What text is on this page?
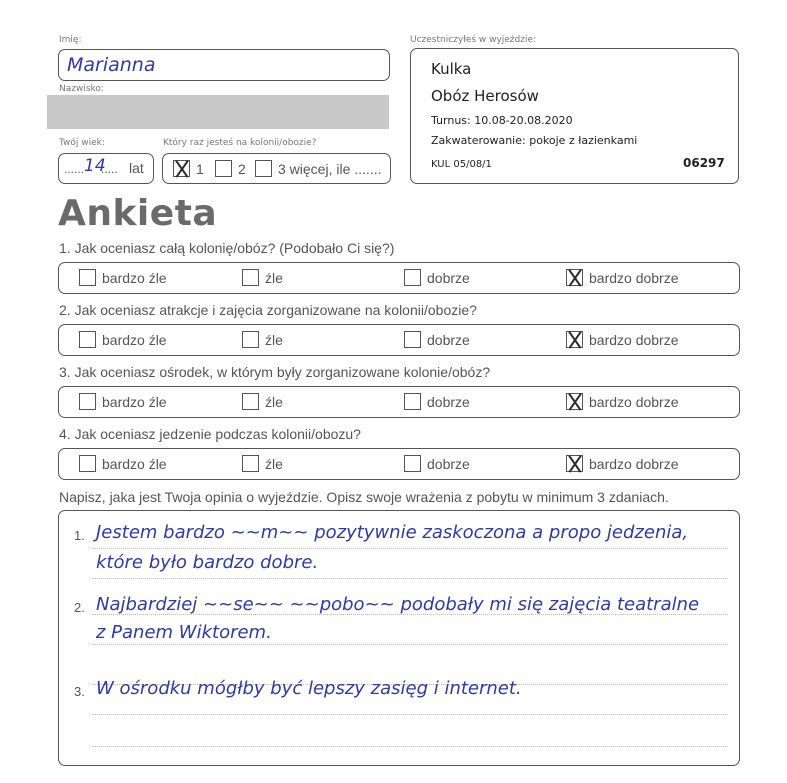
Imię:
Marianna
Nazwisko:
Twój wiek:	Który raz jesteś na kolonii/obozie?
...... 14
..... lat	1 2 3 więcej, ile .......
Uczestniczyłeś w wyjeździe:
Kulka
Obóz Herosów
Turnus: 10.08-20.08.2020
Zakwaterowanie: pokoje z łazienkami
KUL 05/08/1	06297
Ankieta
1. Jak oceniasz całą kolonię/obóz? (Podobało Ci się?)
bardzo źle	źle	dobrze	bardzo dobrze
2. Jak oceniasz atrakcje i zajęcia zorganizowane na kolonii/obozie?
bardzo źle	źle	dobrze	bardzo dobrze
3. Jak oceniasz ośrodek, w którym były zorganizowane kolonie/obóz?
bardzo źle	źle	dobrze	bardzo dobrze
4. Jak oceniasz jedzenie podczas kolonii/obozu?
bardzo źle	źle	dobrze	bardzo dobrze
Napisz, jaka jest Twoja opinia o wyjeździe. Opisz swoje wrażenia z pobytu w minimum 3 zdaniach.
1.
2.
3.
Jestem bardzo ~~m~~ pozytywnie zaskoczona a propo jedzenia,
które było bardzo dobre.
Najbardziej ~~se~~ ~~pobo~~ podobały mi się zajęcia teatralne
z Panem Wiktorem.
W ośrodku mógłby być lepszy zasięg i internet.
